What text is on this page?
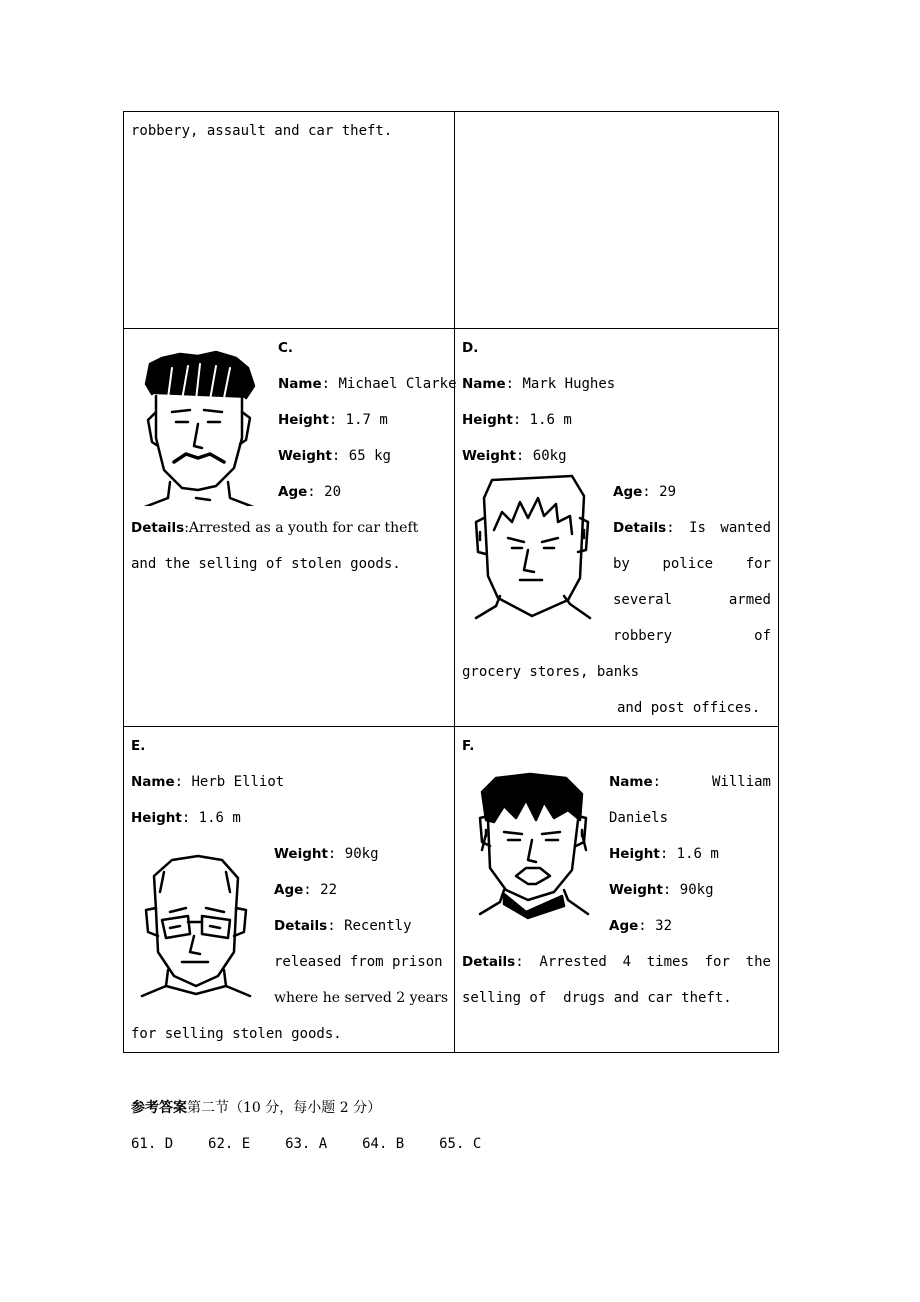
robbery, assault and car theft.
C.
Name: Michael Clarke
Height: 1.7 m
Weight: 65 kg
Age: 20
Details:Arrested as a youth for car theft
and the selling of stolen goods.
D.
Name: Mark Hughes
Height: 1.6 m
Weight: 60kg
Age: 29
Details: Is wanted
by police for
several	armed
robbery	of
grocery stores, banks
and post offices.
E.
Name: Herb Elliot
Height: 1.6 m
Weight: 90kg
Age: 22
Details: Recently
released from prison
where he served 2 years
for selling stolen goods.
F.
Name:	William
Daniels
Height: 1.6 m
Weight: 90kg
Age: 32
Details: Arrested 4 times for the
selling of  drugs and car theft.
参考答案第二节（10 分，每小题 2 分）
61. D 62. E 63. A 64. B 65. C
